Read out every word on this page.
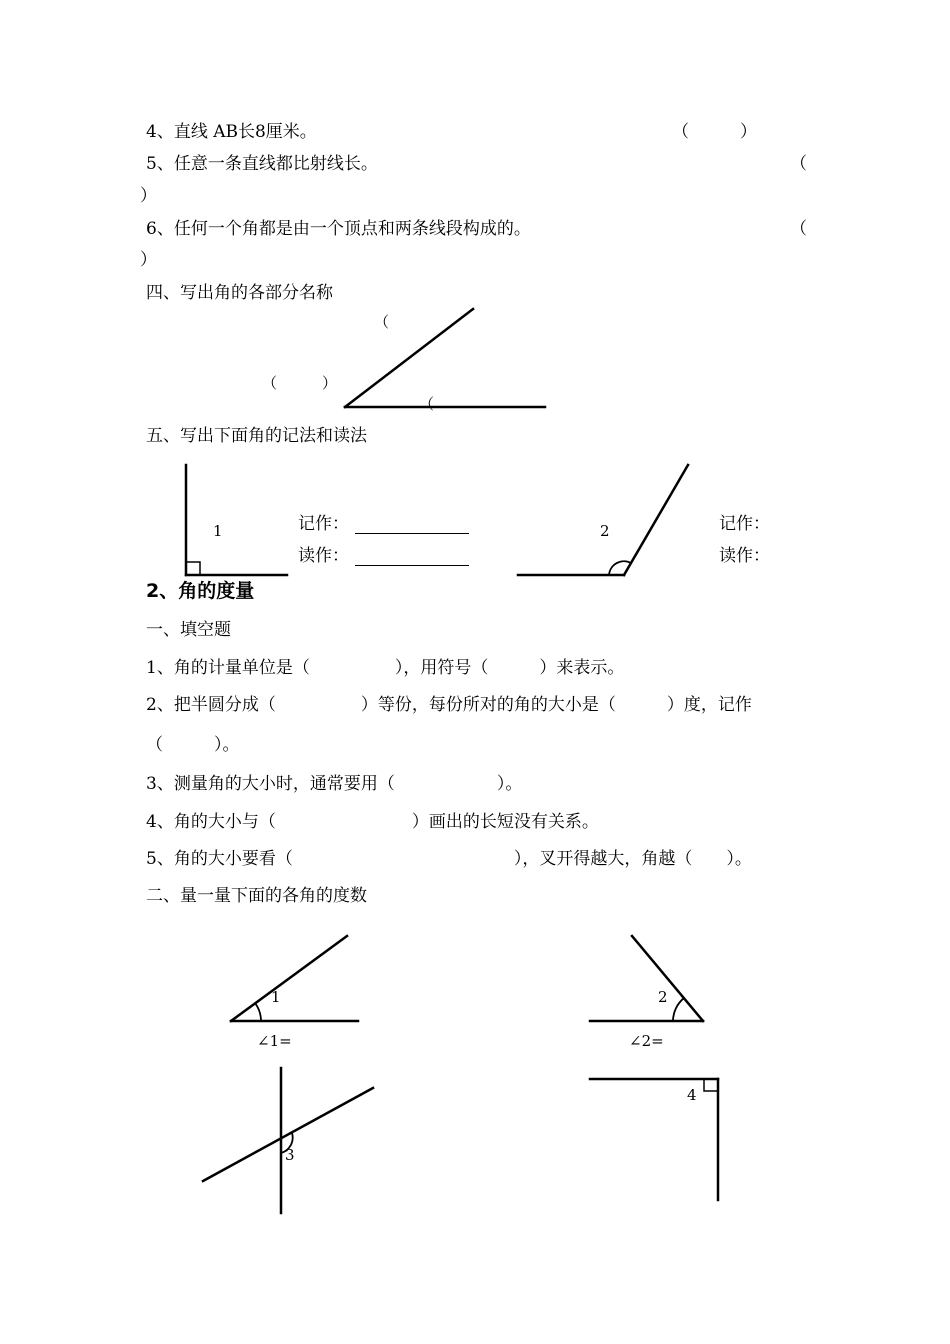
4、直线 AB长8厘米。	（　　　）
5、任意一条直线都比射线长。	（
）
6、任何一个角都是由一个顶点和两条线段构成的。	（
）
四、写出角的各部分名称
（
（　　　）
（
五、写出下面角的记法和读法
1	记作：
读作：
2	记作：
读作：
2、角的度量
一、填空题
1、角的计量单位是（　　　　　），用符号（　　　）来表示。
2、把半圆分成（　　　　　）等份，每份所对的角的大小是（　　　）度，记作
（　　　）。
3、测量角的大小时，通常要用（　　　　　　）。
4、角的大小与（　　　　　　　　）画出的长短没有关系。
5、角的大小要看（　　　　　　　　　　　　　），叉开得越大，角越（　　）。
二、量一量下面的各角的度数
1
∠1=
2
∠2=
3
4
